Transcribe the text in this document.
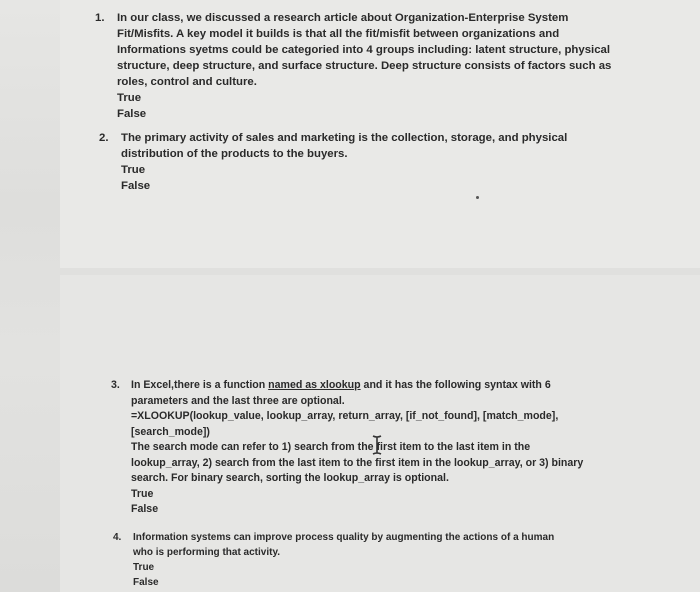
1. In our class, we discussed a research article about Organization-Enterprise System Fit/Misfits. A key model it builds is that all the fit/misfit between organizations and Informations syetms could be categoried into 4 groups including: latent structure, physical structure, deep structure, and surface structure. Deep structure consists of factors such as roles, control and culture.
True
False
2. The primary activity of sales and marketing is the collection, storage, and physical distribution of the products to the buyers.
True
False
3. In Excel,there is a function named as xlookup and it has the following syntax with 6 parameters and the last three are optional.
=XLOOKUP(lookup_value, lookup_array, return_array, [if_not_found], [match_mode], [search_mode])
The search mode can refer to 1) search from the first item to the last item in the lookup_array, 2) search from the last item to the first item in the lookup_array, or 3) binary search. For binary search, sorting the lookup_array is optional.
True
False
4. Information systems can improve process quality by augmenting the actions of a human who is performing that activity.
True
False
